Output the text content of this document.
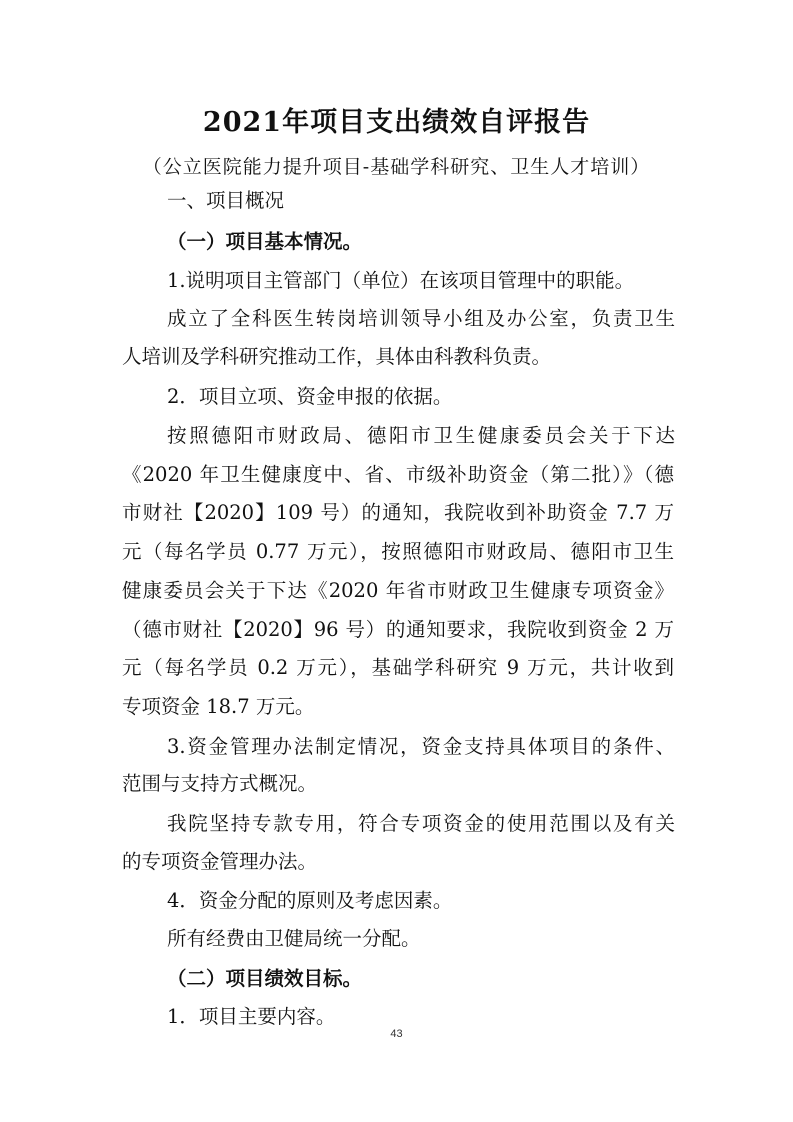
2021年项目支出绩效自评报告
（公立医院能力提升项目-基础学科研究、卫生人才培训）
一、项目概况
（一）项目基本情况。
1.说明项目主管部门（单位）在该项目管理中的职能。
成立了全科医生转岗培训领导小组及办公室，负责卫生
人培训及学科研究推动工作，具体由科教科负责。
2．项目立项、资金申报的依据。
按照德阳市财政局、德阳市卫生健康委员会关于下达
《2020 年卫生健康度中、省、市级补助资金（第二批）》（德
市财社【2020】109 号）的通知，我院收到补助资金 7.7 万
元（每名学员 0.77 万元），按照德阳市财政局、德阳市卫生
健康委员会关于下达《2020 年省市财政卫生健康专项资金》
（德市财社【2020】96 号）的通知要求，我院收到资金 2 万
元（每名学员 0.2 万元），基础学科研究 9 万元，共计收到
专项资金 18.7 万元。
3.资金管理办法制定情况，资金支持具体项目的条件、
范围与支持方式概况。
我院坚持专款专用，符合专项资金的使用范围以及有关
的专项资金管理办法。
4．资金分配的原则及考虑因素。
所有经费由卫健局统一分配。
（二）项目绩效目标。
1．项目主要内容。
43
